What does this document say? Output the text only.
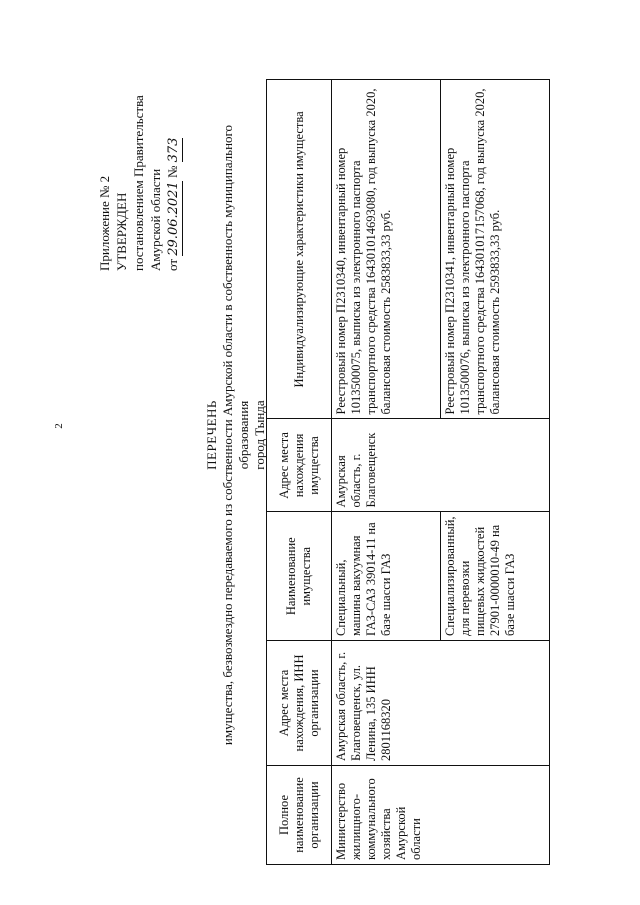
2
Приложение № 2 УТВЕРЖДЕН постановлением Правительства Амурской области от 29.06.2021 № 373
ПЕРЕЧЕНЬ имущества, безвозмездно передаваемого из собственности Амурской области в собственность муниципального образования город Тында
Полное наименование организации	Адрес места нахождения, ИНН организации	Наименование имущества	Адрес места нахождения имущества	Индивидуализирующие характеристики имущества
Министерство жилищного-коммунального хозяйства Амурской области	Амурская область, г. Благовещенск, ул. Ленина, 135 ИНН 2801168320	Специальный, машина вакуумная ГАЗ-САЗ 39014-11 на базе шасси ГАЗ	Амурская область, г. Благовещенск	Реестровый номер П2310340, инвентарный номер 1013500075, выписка из электронного паспорта транспортного средства 164301014693080, год выпуска 2020, балансовая стоимость 2583833,33 руб.
		Специализированный, для перевозки пищевых жидкостей 27901-0000010-49 на базе шасси ГАЗ		Реестровый номер П2310341, инвентарный номер 1013500076, выписка из электронного паспорта транспортного средства 164301017157068, год выпуска 2020, балансовая стоимость 2593833,33 руб.
